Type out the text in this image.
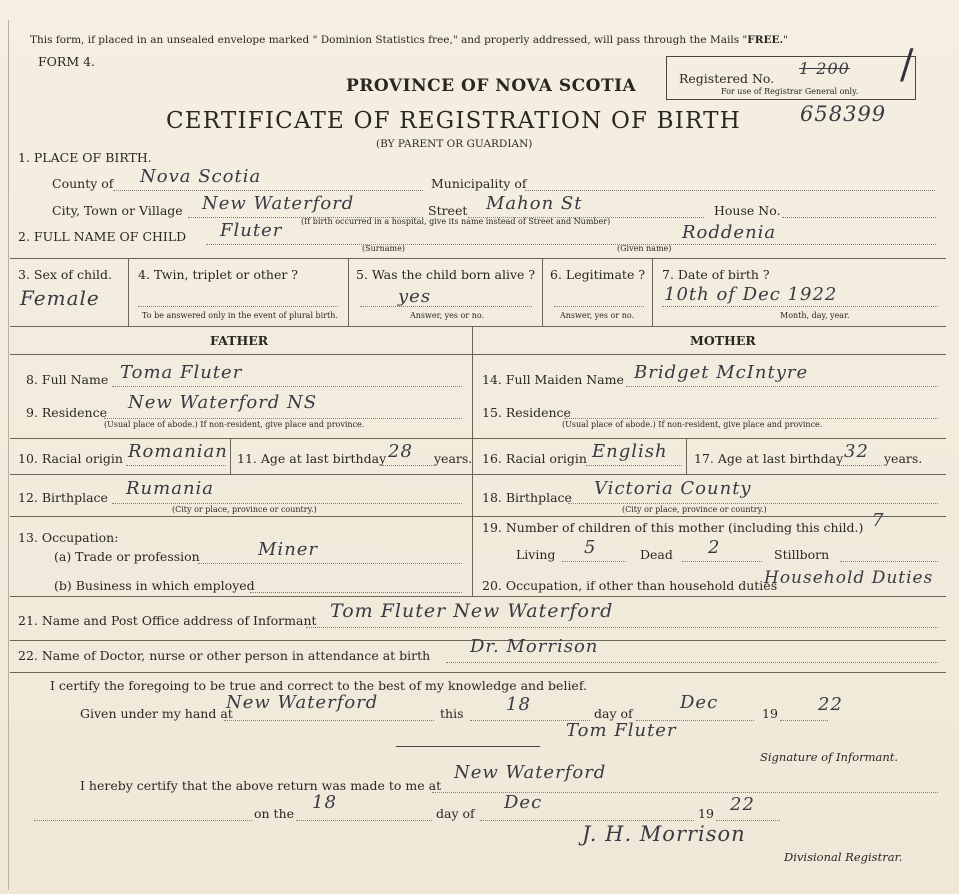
This form, if placed in an unsealed envelope marked " Dominion Statistics free," and properly addressed, will pass through the Mails "FREE."
FORM 4.
PROVINCE OF NOVA SCOTIA
CERTIFICATE OF REGISTRATION OF BIRTH
(BY PARENT OR GUARDIAN)
Registered No.
1 200
For use of Registrar General only.
/
658399
1. PLACE OF BIRTH.
County of Nova Scotia	Municipality of
City, Town or Village New Waterford	Street Mahon St	House No.
(If birth occurred in a hospital, give its name instead of Street and Number)
2. FULL NAME OF CHILD Fluter	Roddenia
(Surname)	(Given name)
3. Sex of child.
Female
4. Twin, triplet or other ?
To be answered only in the event of plural birth.
5. Was the child born alive ?
yes
Answer, yes or no.
6. Legitimate ?
Answer, yes or no.
7. Date of birth ?
10th of Dec 1922
Month, day, year.
FATHER	MOTHER
8. Full Name Toma Fluter
9. Residence New Waterford NS
(Usual place of abode.) If non-resident, give place and province.
10. Racial origin Romanian 11. Age at last birthday 28 years.
12. Birthplace Rumania
(City or place, province or country.)
13. Occupation:
(a) Trade or profession	Miner
(b) Business in which employed
14. Full Maiden Name Bridget McIntyre
15. Residence
(Usual place of abode.) If non-resident, give place and province.
16. Racial origin English 17. Age at last birthday 32 years.
18. Birthplace Victoria County
(City or place, province or country.)
19. Number of children of this mother (including this child.) 7
Living 5	Dead 2	Stillborn
20. Occupation, if other than household duties
Household Duties
21. Name and Post Office address of Informant Tom Fluter New Waterford
22. Name of Doctor, nurse or other person in attendance at birth Dr. Morrison
I certify the foregoing to be true and correct to the best of my knowledge and belief.
Given under my hand at
New Waterford
this 18	day of
Dec
19 22
Tom Fluter
Signature of Informant.
I hereby certify that the above return was made to me at
New Waterford
on the
18
day of
Dec
19 22
J. H. Morrison
Divisional Registrar.
